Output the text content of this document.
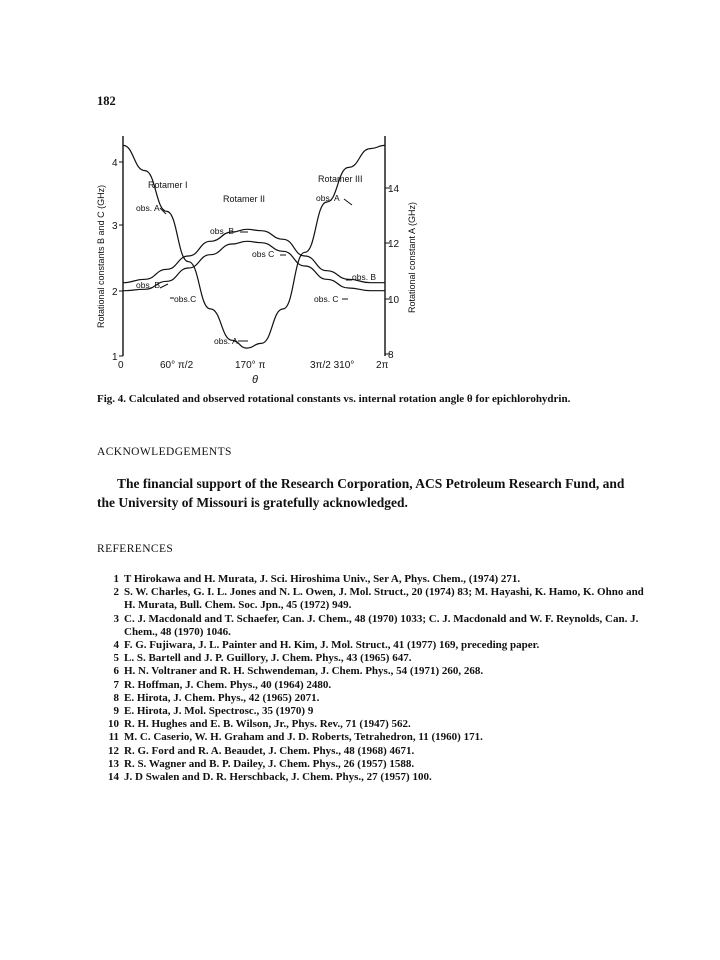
182
4
3
2
1
14
12
10
8
0	60° π/2	170° π	3π/2 310° 2π
θ
Rotational constants B and C (GHz)	Rotational constant A (GHz)
Rotamer I
Rotamer II
Rotamer III
obs. A
obs. B
obs C
obs. A
obs. B
obs. C
obs.C
obs. B
obs. A
Fig. 4. Calculated and observed rotational constants vs. internal rotation angle θ for epichlorohydrin.
ACKNOWLEDGEMENTS
The financial support of the Research Corporation, ACS Petroleum Research Fund, and the University of Missouri is gratefully acknowledged.
REFERENCES
1 T Hirokawa and H. Murata, J. Sci. Hiroshima Univ., Ser A, Phys. Chem., (1974) 271.
2 S. W. Charles, G. I. L. Jones and N. L. Owen, J. Mol. Struct., 20 (1974) 83; M. Hayashi, K. Hamo, K. Ohno and H. Murata, Bull. Chem. Soc. Jpn., 45 (1972) 949.
3 C. J. Macdonald and T. Schaefer, Can. J. Chem., 48 (1970) 1033; C. J. Macdonald and W. F. Reynolds, Can. J. Chem., 48 (1970) 1046.
4 F. G. Fujiwara, J. L. Painter and H. Kim, J. Mol. Struct., 41 (1977) 169, preceding paper.
5 L. S. Bartell and J. P. Guillory, J. Chem. Phys., 43 (1965) 647.
6 H. N. Voltraner and R. H. Schwendeman, J. Chem. Phys., 54 (1971) 260, 268.
7 R. Hoffman, J. Chem. Phys., 40 (1964) 2480.
8 E. Hirota, J. Chem. Phys., 42 (1965) 2071.
9 E. Hirota, J. Mol. Spectrosc., 35 (1970) 9
10 R. H. Hughes and E. B. Wilson, Jr., Phys. Rev., 71 (1947) 562.
11 M. C. Caserio, W. H. Graham and J. D. Roberts, Tetrahedron, 11 (1960) 171.
12 R. G. Ford and R. A. Beaudet, J. Chem. Phys., 48 (1968) 4671.
13 R. S. Wagner and B. P. Dailey, J. Chem. Phys., 26 (1957) 1588.
14 J. D Swalen and D. R. Herschback, J. Chem. Phys., 27 (1957) 100.
